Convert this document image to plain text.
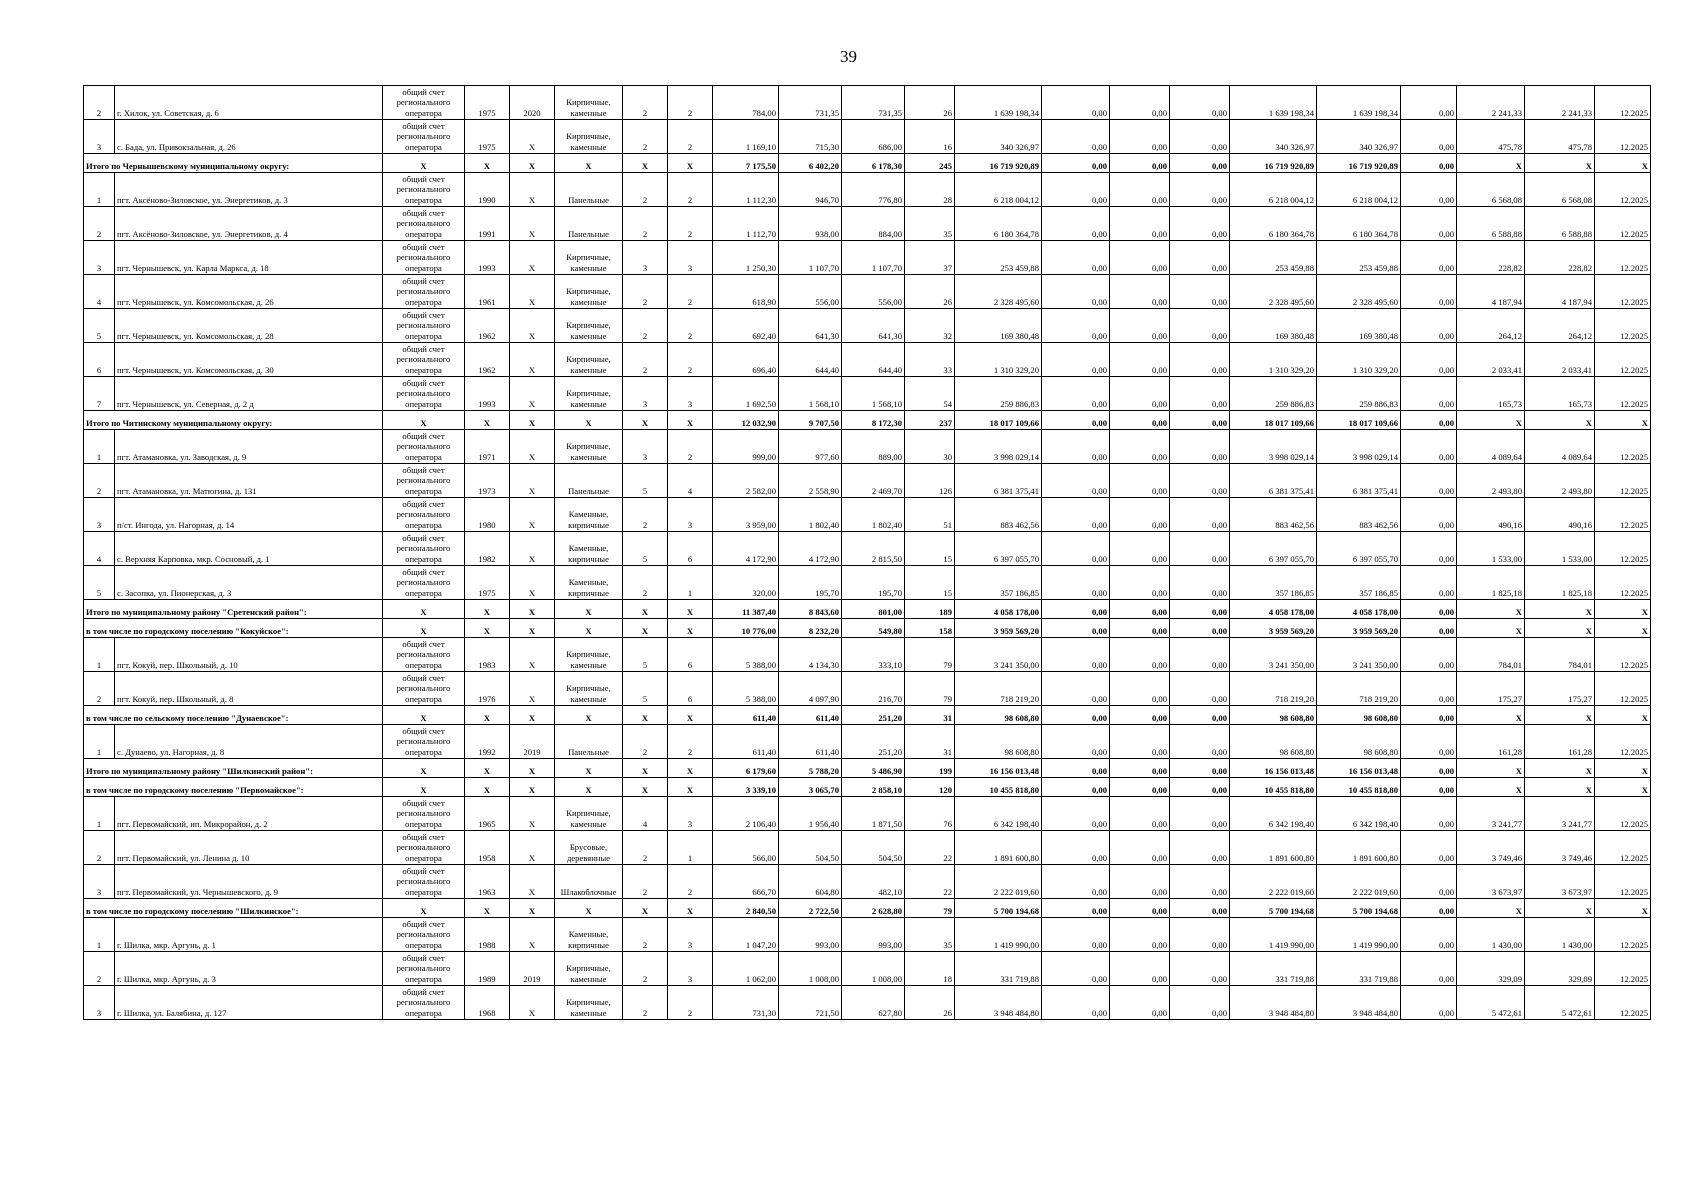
39
2	г. Хилок, ул. Советская, д. 6	общий счет регионального оператора	1975	2020	Кирпичные, каменные	2	2	784,00	731,35	731,35	26	1 639 198,34	0,00	0,00	0,00	1 639 198,34	1 639 198,34	0,00	2 241,33	2 241,33	12.2025
3	с. Бада, ул. Привокзальная, д. 26	общий счет регионального оператора	1975	Х	Кирпичные, каменные	2	2	1 169,10	715,30	686,00	16	340 326,97	0,00	0,00	0,00	340 326,97	340 326,97	0,00	475,78	475,78	12.2025
Итого по Чернышевскому муниципальному округу:		Х	Х	Х	Х	Х	Х	7 175,50	6 402,20	6 178,30	245	16 719 920,89	0,00	0,00	0,00	16 719 920,89	16 719 920,89	0,00	Х	Х	Х
1	пгт. Аксёново-Зиловское, ул. Энергетиков, д. 3	общий счет регионального оператора	1990	Х	Панельные	2	2	1 112,30	946,70	776,80	28	6 218 004,12	0,00	0,00	0,00	6 218 004,12	6 218 004,12	0,00	6 568,08	6 568,08	12.2025
2	пгт. Аксёново-Зиловское, ул. Энергетиков, д. 4	общий счет регионального оператора	1991	Х	Панельные	2	2	1 112,70	938,00	884,00	35	6 180 364,78	0,00	0,00	0,00	6 180 364,78	6 180 364,78	0,00	6 588,88	6 588,88	12.2025
3	пгт. Чернышевск, ул. Карла Маркса, д. 18	общий счет регионального оператора	1993	Х	Кирпичные, каменные	3	3	1 250,30	1 107,70	1 107,70	37	253 459,88	0,00	0,00	0,00	253 459,88	253 459,88	0,00	228,82	228,82	12.2025
4	пгт. Чернышевск, ул. Комсомольская, д. 26	общий счет регионального оператора	1961	Х	Кирпичные, каменные	2	2	618,90	556,00	556,00	26	2 328 495,60	0,00	0,00	0,00	2 328 495,60	2 328 495,60	0,00	4 187,94	4 187,94	12.2025
5	пгт. Чернышевск, ул. Комсомольская, д. 28	общий счет регионального оператора	1962	Х	Кирпичные, каменные	2	2	692,40	641,30	641,30	32	169 380,48	0,00	0,00	0,00	169 380,48	169 380,48	0,00	264,12	264,12	12.2025
6	пгт. Чернышевск, ул. Комсомольская, д. 30	общий счет регионального оператора	1962	Х	Кирпичные, каменные	2	2	696,40	644,40	644,40	33	1 310 329,20	0,00	0,00	0,00	1 310 329,20	1 310 329,20	0,00	2 033,41	2 033,41	12.2025
7	пгт. Чернышевск, ул. Северная, д. 2 д	общий счет регионального оператора	1993	Х	Кирпичные, каменные	3	3	1 692,50	1 568,10	1 568,10	54	259 886,83	0,00	0,00	0,00	259 886,83	259 886,83	0,00	165,73	165,73	12.2025
Итого по Читинскому муниципальному округу:		Х	Х	Х	Х	Х	Х	12 032,90	9 707,50	8 172,30	237	18 017 109,66	0,00	0,00	0,00	18 017 109,66	18 017 109,66	0,00	Х	Х	Х
1	пгт. Атамановка, ул. Заводская, д. 9	общий счет регионального оператора	1971	Х	Кирпичные, каменные	3	2	999,00	977,60	889,00	30	3 998 029,14	0,00	0,00	0,00	3 998 029,14	3 998 029,14	0,00	4 089,64	4 089,64	12.2025
2	пгт. Атамановка, ул. Матюгина, д. 131	общий счет регионального оператора	1973	Х	Панельные	5	4	2 582,00	2 558,90	2 469,70	126	6 381 375,41	0,00	0,00	0,00	6 381 375,41	6 381 375,41	0,00	2 493,80	2 493,80	12.2025
3	п/ст. Ингода, ул. Нагорная, д. 14	общий счет регионального оператора	1980	Х	Каменные, кирпичные	2	3	3 959,00	1 802,40	1 802,40	51	883 462,56	0,00	0,00	0,00	883 462,56	883 462,56	0,00	490,16	490,16	12.2025
4	с. Верхняя Карповка, мкр. Сосновый, д. 1	общий счет регионального оператора	1982	Х	Каменные, кирпичные	5	6	4 172,90	4 172,90	2 815,50	15	6 397 055,70	0,00	0,00	0,00	6 397 055,70	6 397 055,70	0,00	1 533,00	1 533,00	12.2025
5	с. Засопка, ул. Пионерская, д. 3	общий счет регионального оператора	1975	Х	Каменные, кирпичные	2	1	320,00	195,70	195,70	15	357 186,85	0,00	0,00	0,00	357 186,85	357 186,85	0,00	1 825,18	1 825,18	12.2025
Итого по муниципальному району "Сретенский район":		Х	Х	Х	Х	Х	Х	11 387,40	8 843,60	801,00	189	4 058 178,00	0,00	0,00	0,00	4 058 178,00	4 058 178,00	0,00	Х	Х	Х
в том числе по городскому поселению "Кокуйское":		Х	Х	Х	Х	Х	Х	10 776,00	8 232,20	549,80	158	3 959 569,20	0,00	0,00	0,00	3 959 569,20	3 959 569,20	0,00	Х	Х	Х
1	пгт. Кокуй, пер. Школьный, д. 10	общий счет регионального оператора	1983	Х	Кирпичные, каменные	5	6	5 388,00	4 134,30	333,10	79	3 241 350,00	0,00	0,00	0,00	3 241 350,00	3 241 350,00	0,00	784,01	784,01	12.2025
2	пгт. Кокуй, пер. Школьный, д. 8	общий счет регионального оператора	1976	Х	Кирпичные, каменные	5	6	5 388,00	4 097,90	216,70	79	718 219,20	0,00	0,00	0,00	718 219,20	718 219,20	0,00	175,27	175,27	12.2025
в том числе по сельскому поселению "Дунаевское":		Х	Х	Х	Х	Х	Х	611,40	611,40	251,20	31	98 608,80	0,00	0,00	0,00	98 608,80	98 608,80	0,00	Х	Х	Х
1	с. Дунаево, ул. Нагорная, д. 8	общий счет регионального оператора	1992	2019	Панельные	2	2	611,40	611,40	251,20	31	98 608,80	0,00	0,00	0,00	98 608,80	98 608,80	0,00	161,28	161,28	12.2025
Итого по муниципальному району "Шилкинский район":		Х	Х	Х	Х	Х	Х	6 179,60	5 788,20	5 486,90	199	16 156 013,48	0,00	0,00	0,00	16 156 013,48	16 156 013,48	0,00	Х	Х	Х
в том числе по городскому поселению "Первомайское":		Х	Х	Х	Х	Х	Х	3 339,10	3 065,70	2 858,10	120	10 455 818,80	0,00	0,00	0,00	10 455 818,80	10 455 818,80	0,00	Х	Х	Х
1	пгт. Первомайский, ип. Микрорайон, д. 2	общий счет регионального оператора	1965	Х	Кирпичные, каменные	4	3	2 106,40	1 956,40	1 871,50	76	6 342 198,40	0,00	0,00	0,00	6 342 198,40	6 342 198,40	0,00	3 241,77	3 241,77	12.2025
2	пгт. Первомайский, ул. Ленина д. 10	общий счет регионального оператора	1958	Х	Брусовые, деревянные	2	1	566,00	504,50	504,50	22	1 891 600,80	0,00	0,00	0,00	1 891 600,80	1 891 600,80	0,00	3 749,46	3 749,46	12.2025
3	пгт. Первомайский, ул. Чернышевского, д. 9	общий счет регионального оператора	1963	Х	Шлакоблочные	2	2	666,70	604,80	482,10	22	2 222 019,60	0,00	0,00	0,00	2 222 019,60	2 222 019,60	0,00	3 673,97	3 673,97	12.2025
в том числе по городскому поселению "Шилкинское":		Х	Х	Х	Х	Х	Х	2 840,50	2 722,50	2 628,80	79	5 700 194,68	0,00	0,00	0,00	5 700 194,68	5 700 194,68	0,00	Х	Х	Х
1	г. Шилка, мкр. Аргунь, д. 1	общий счет регионального оператора	1988	Х	Каменные, кирпичные	2	3	1 047,20	993,00	993,00	35	1 419 990,00	0,00	0,00	0,00	1 419 990,00	1 419 990,00	0,00	1 430,00	1 430,00	12.2025
2	г. Шилка, мкр. Аргунь, д. 3	общий счет регионального оператора	1989	2019	Кирпичные, каменные	2	3	1 062,00	1 008,00	1 008,00	18	331 719,88	0,00	0,00	0,00	331 719,88	331 719,88	0,00	329,09	329,09	12.2025
3	г. Шилка, ул. Балябина, д. 127	общий счет регионального оператора	1968	Х	Кирпичные, каменные	2	2	731,30	721,50	627,80	26	3 948 484,80	0,00	0,00	0,00	3 948 484,80	3 948 484,80	0,00	5 472,61	5 472,61	12.2025
